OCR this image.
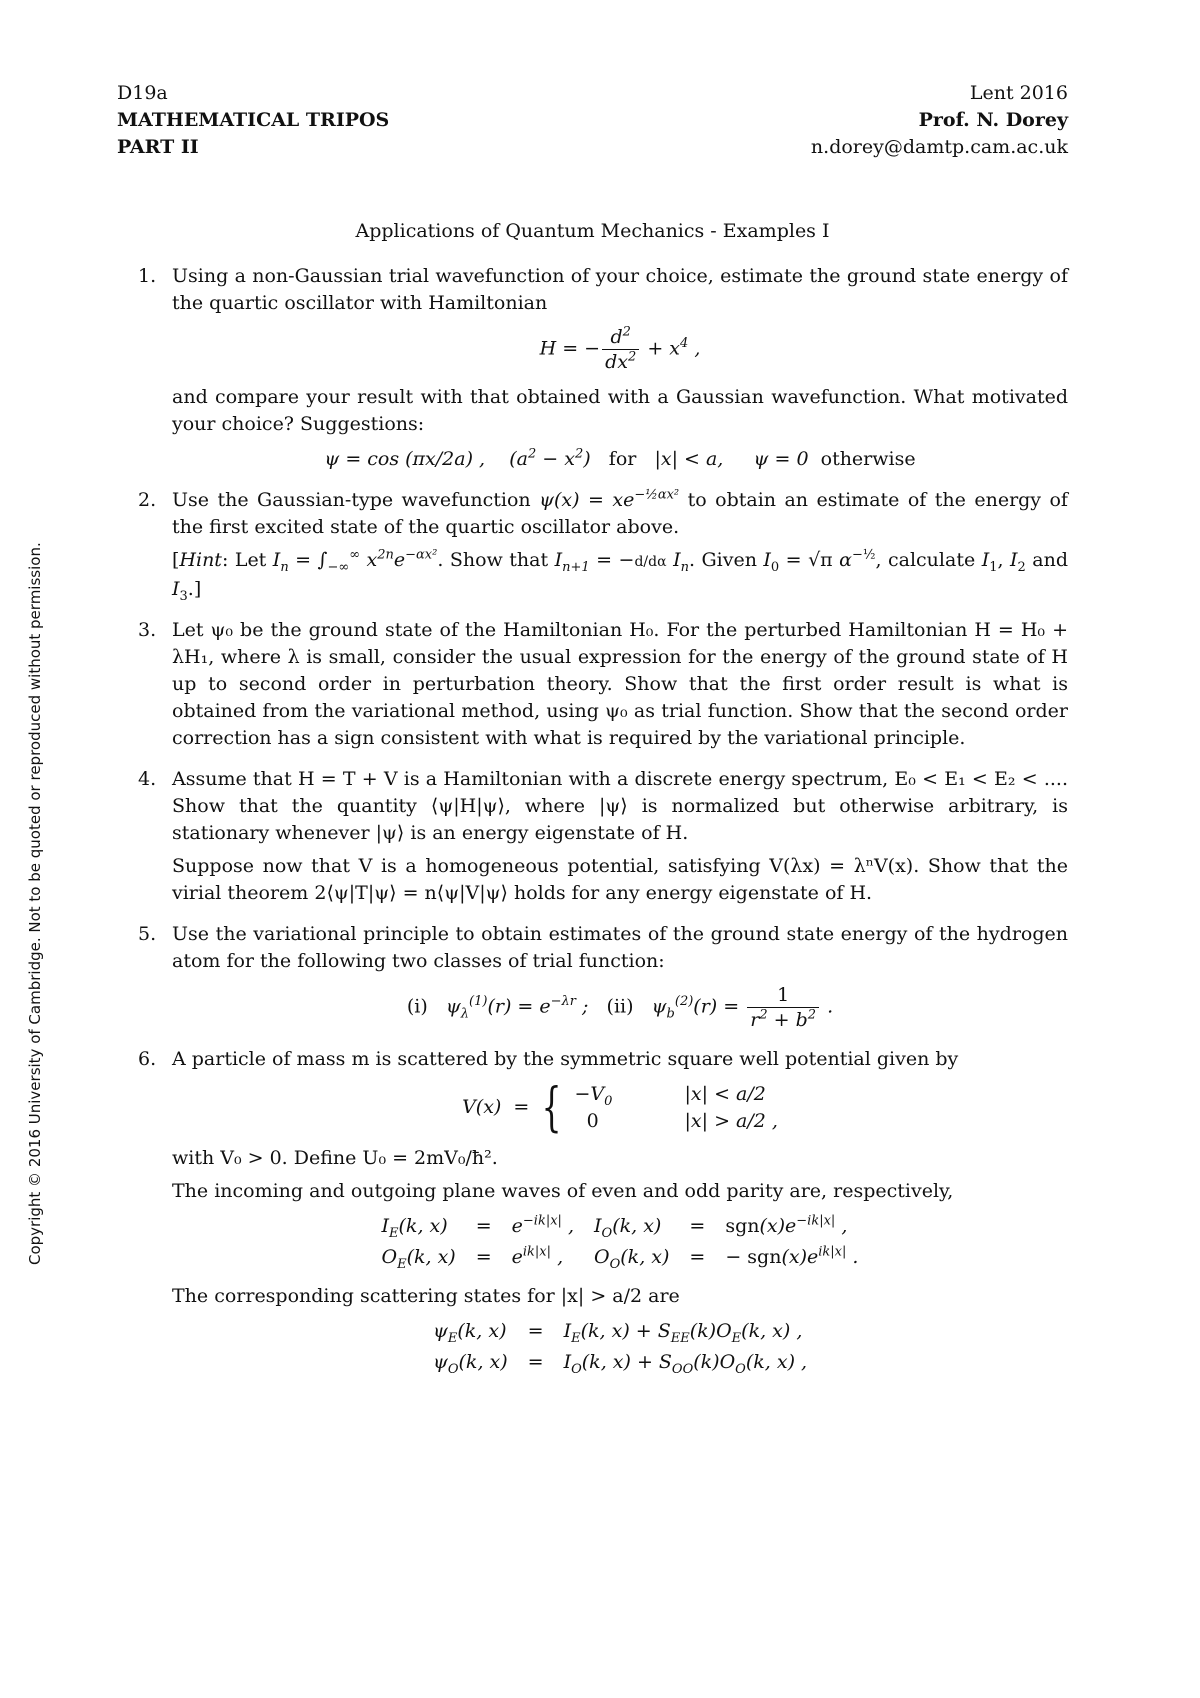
Copyright © 2016 University of Cambridge. Not to be quoted or reproduced without permission.
D19a
MATHEMATICAL TRIPOS
PART II
Lent 2016
Prof. N. Dorey
n.dorey@damtp.cam.ac.uk
Applications of Quantum Mechanics - Examples I
1. Using a non-Gaussian trial wavefunction of your choice, estimate the ground state energy of the quartic oscillator with Hamiltonian

H = − $\frac{d^2}{dx^2} + x^4$ ,

and compare your result with that obtained with a Gaussian wavefunction. What motivated your choice? Suggestions:

ψ = cos (πx/2a) ,    $(a^2 - x^2)$   for   |x| < a,     ψ = 0  otherwise
2. Use the Gaussian-type wavefunction $\psi(x) = xe^{-\frac{1}{2}\alpha x^2}$ to obtain an estimate of the energy of the first excited state of the quartic oscillator above.

[Hint: Let $I_n = \int_{-\infty}^\infty$ $x^{2n}e^{-\alpha x^2}$. Show that $I_{n+1} = -d/d\alpha$ $I_n$. Given $I_0 = √\pi$ $\alpha^{-\frac{1}{2}}$, calculate $I_1$, $I_2$ and $I_3$.]

3. Let ψ₀ be the ground state of the Hamiltonian H₀. For the perturbed Hamiltonian H = H₀ + λH₁, where λ is small, consider the usual expression for the energy of the ground state of H up to second order in perturbation theory. Show that the first order result is what is obtained from the variational method, using ψ₀ as trial function. Show that the second order correction has a sign consistent with what is required by the variational principle.

4. Assume that H = T + V is a Hamiltonian with a discrete energy spectrum, E₀ < E₁ < E₂ < .... Show that the quantity ⟨ψ|H|ψ⟩, where |ψ⟩ is normalized but otherwise arbitrary, is stationary whenever |ψ⟩ is an energy eigenstate of H.

Suppose now that V is a homogeneous potential, satisfying V(λx) = λⁿV(x). Show that the virial theorem 2⟨ψ|T|ψ⟩ = n⟨ψ|V|ψ⟩ holds for any energy eigenstate of H.

5. Use the variational principle to obtain estimates of the ground state energy of the hydrogen atom for the following two classes of trial function:

(i)   $\psi_\lambda^{(1)}(r) = e^{-\lambda r}$ ;   (ii)   $\psi_b^{(2)}(r) = \frac{1}{r^2 + b^2}$ .
6. A particle of mass m is scattered by the symmetric square well potential given by

V(x)  = { $-V_0$	|x| < a/2
0	|x| > a/2 ,

with V₀ > 0. Define U₀ = 2mV₀/ħ².

The incoming and outgoing plane waves of even and odd parity are, respectively,

$I_E(k$, x)	=	$e^{-ik|x|}$ ,	$I_O(k$, x)	=	$sgn(x)e^{-ik|x|}$ ,
$O_E(k$, x)	=	$e^{ik|x|}$ ,	$O_O(k$, x)	=	− $sgn(x)e^{ik|x|}$ .

The corresponding scattering states for |x| > a/2 are

$\psi_E(k$, x)	=	$I_E(k$, $x) + S_{EE}(k)O_E(k$, x) ,
$\psi_O(k$, x)	=	$I_O(k$, $x) + S_{OO}(k)O_O(k$, x) ,
